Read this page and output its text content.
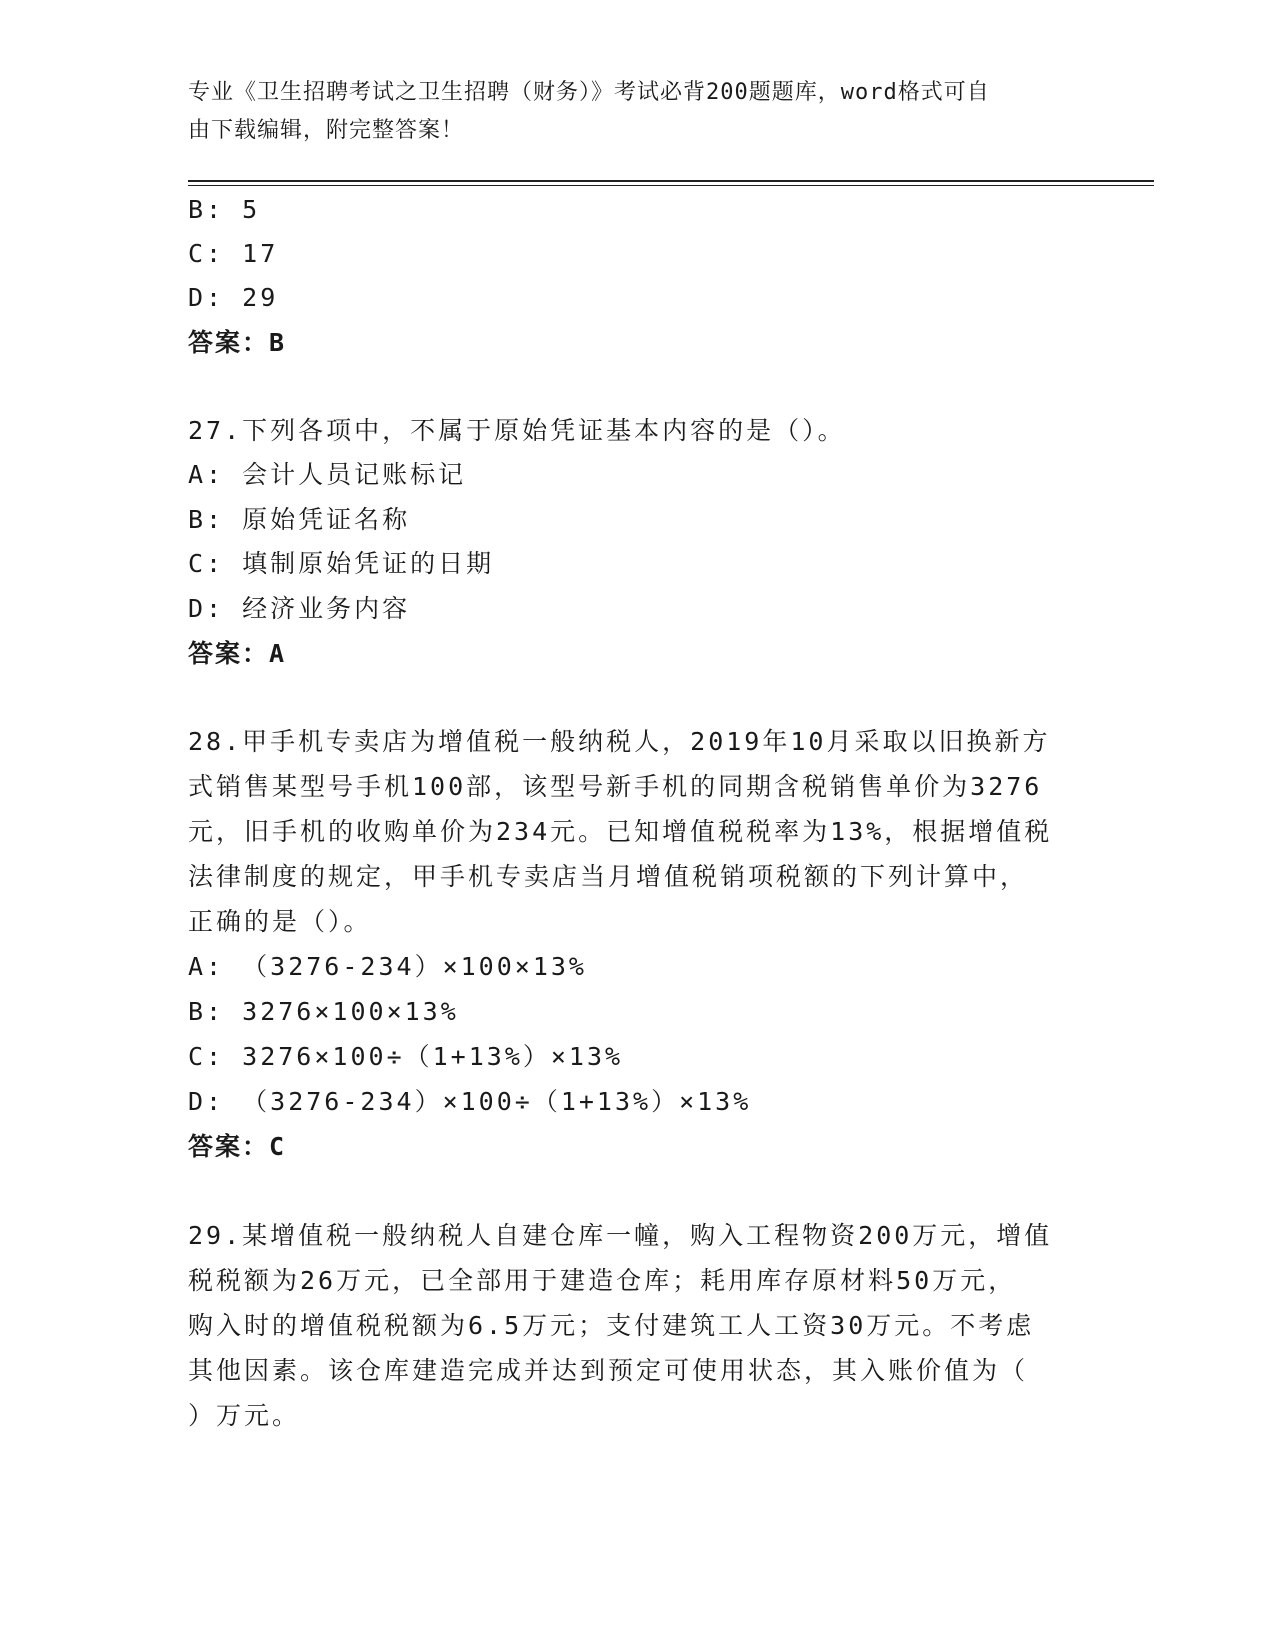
专业《卫生招聘考试之卫生招聘（财务）》考试必背200题题库，word格式可自
由下载编辑，附完整答案！
B: 5
C: 17
D: 29
答案：B
27.下列各项中，不属于原始凭证基本内容的是（）。
A: 会计人员记账标记
B: 原始凭证名称
C: 填制原始凭证的日期
D: 经济业务内容
答案：A
28.甲手机专卖店为增值税一般纳税人，2019年10月采取以旧换新方
式销售某型号手机100部，该型号新手机的同期含税销售单价为3276
元，旧手机的收购单价为234元。已知增值税税率为13%，根据增值税
法律制度的规定，甲手机专卖店当月增值税销项税额的下列计算中，
正确的是（）。
A: （3276-234）×100×13%
B: 3276×100×13%
C: 3276×100÷（1+13%）×13%
D: （3276-234）×100÷（1+13%）×13%
答案：C
29.某增值税一般纳税人自建仓库一幢，购入工程物资200万元，增值
税税额为26万元，已全部用于建造仓库；耗用库存原材料50万元，
购入时的增值税税额为6.5万元；支付建筑工人工资30万元。不考虑
其他因素。该仓库建造完成并达到预定可使用状态，其入账价值为（
）万元。
